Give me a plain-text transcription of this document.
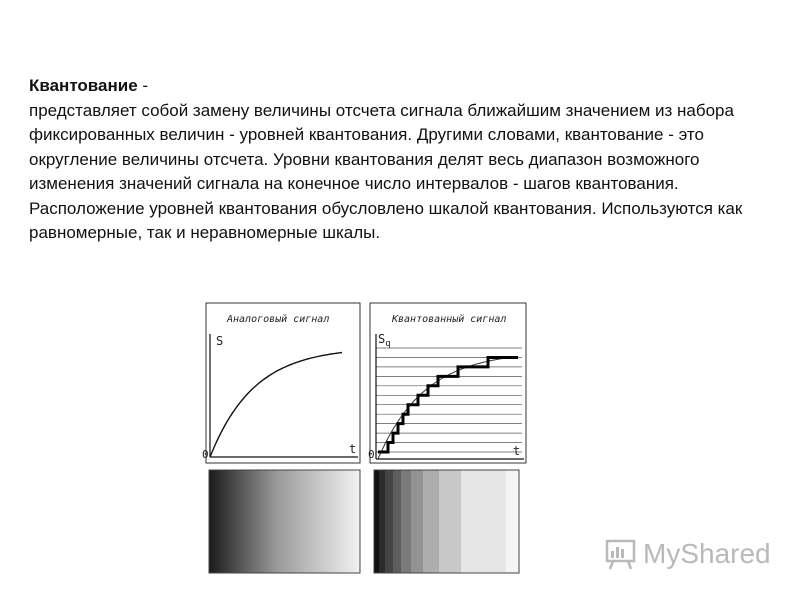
Квантование -
представляет собой замену величины отсчета сигнала ближайшим значением из набора фиксированных величин - уровней квантования. Другими словами, квантование - это округление величины отсчета. Уровни квантования делят весь диапазон возможного изменения значений сигнала на конечное число интервалов - шагов квантования. Расположение уровней квантования обусловлено шкалой квантования. Используются как равномерные, так и неравномерные шкалы.
Аналоговый сигнал
S
t
0
Квантованный сигнал
$S_q$
t
0
MyShared
